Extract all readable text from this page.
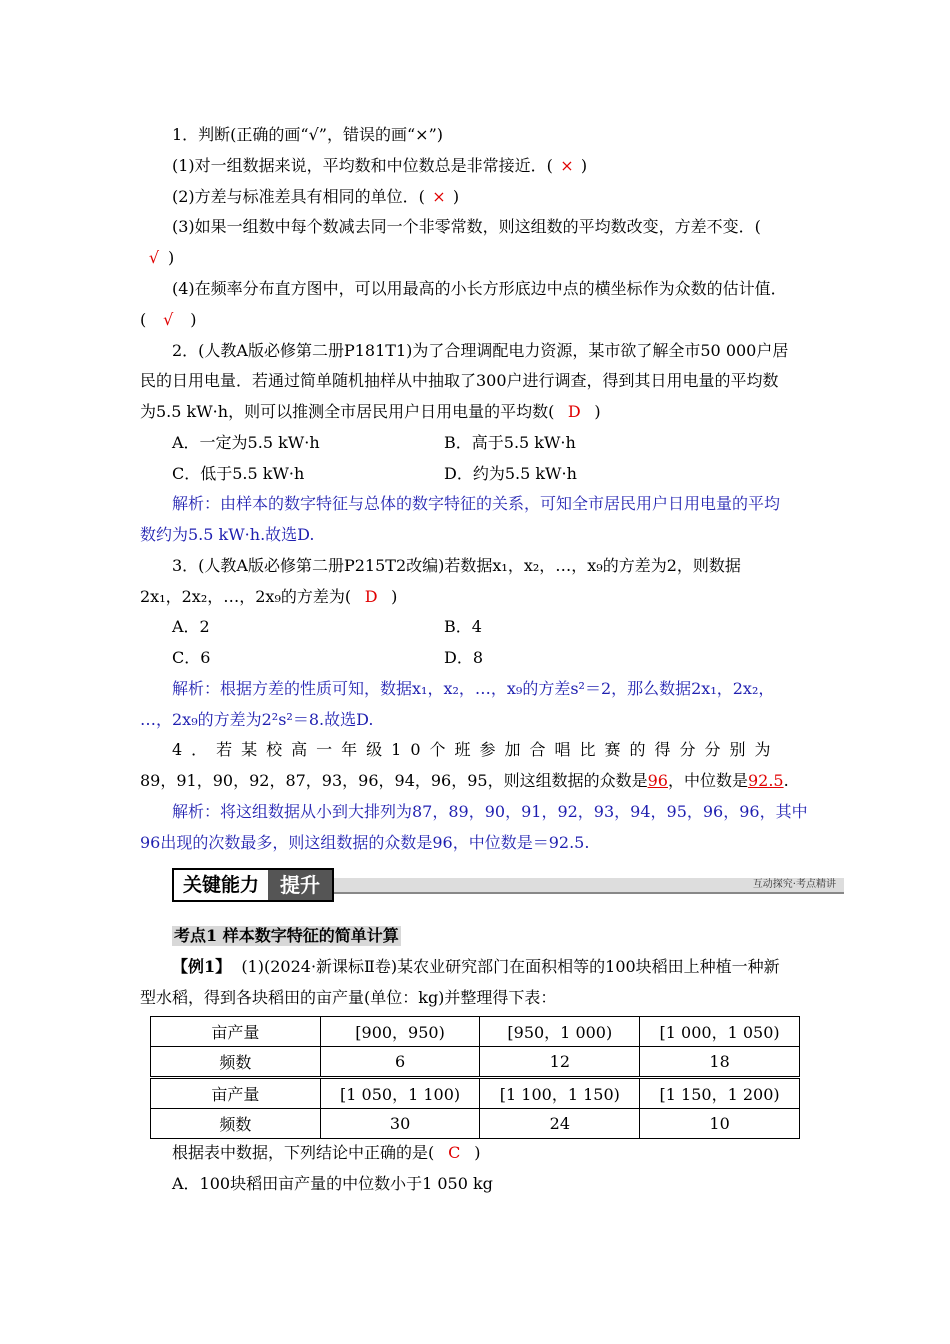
1．判断(正确的画“√”，错误的画“×”)
(1)对一组数据来说，平均数和中位数总是非常接近．( × )
(2)方差与标准差具有相同的单位．( × )
(3)如果一组数中每个数减去同一个非零常数，则这组数的平均数改变，方差不变．(
√ )
(4)在频率分布直方图中，可以用最高的小长方形底边中点的横坐标作为众数的估计值．
( √ )
2．(人教A版必修第二册P181T1)为了合理调配电力资源，某市欲了解全市50 000户居
民的日用电量．若通过简单随机抽样从中抽取了300户进行调查，得到其日用电量的平均数
为5.5 kW·h，则可以推测全市居民用户日用电量的平均数( D )
A．一定为5.5 kW·h	B．高于5.5 kW·h
C．低于5.5 kW·h	D．约为5.5 kW·h
解析：由样本的数字特征与总体的数字特征的关系，可知全市居民用户日用电量的平均
数约为5.5 kW·h.故选D.
3．(人教A版必修第二册P215T2改编)若数据x₁，x₂，…，x₉的方差为2，则数据
2x₁，2x₂，…，2x₉的方差为( D )
A．2	B．4
C．6	D．8
解析：根据方差的性质可知，数据x₁，x₂，…，x₉的方差s²＝2，那么数据2x₁，2x₂，
…，2x₉的方差为2²s²＝8.故选D.
4．若某校高一年级10个班参加合唱比赛的得分分别为
89，91，90，92，87，93，96，94，96，95，则这组数据的众数是96，中位数是92.5.
解析：将这组数据从小到大排列为87，89，90，91，92，93，94，95，96，96，其中
96出现的次数最多，则这组数据的众数是96，中位数是＝92.5.
关键能力	提升	互动探究·考点精讲
考点1 样本数字特征的简单计算
【例1】 (1)(2024·新课标Ⅱ卷)某农业研究部门在面积相等的100块稻田上种植一种新
型水稻，得到各块稻田的亩产量(单位：kg)并整理得下表：
亩产量	[900，950)	[950，1 000)	[1 000，1 050)
频数	6	12	18
亩产量	[1 050，1 100)	[1 100，1 150)	[1 150，1 200)
频数	30	24	10
根据表中数据，下列结论中正确的是( C )
A．100块稻田亩产量的中位数小于1 050 kg
